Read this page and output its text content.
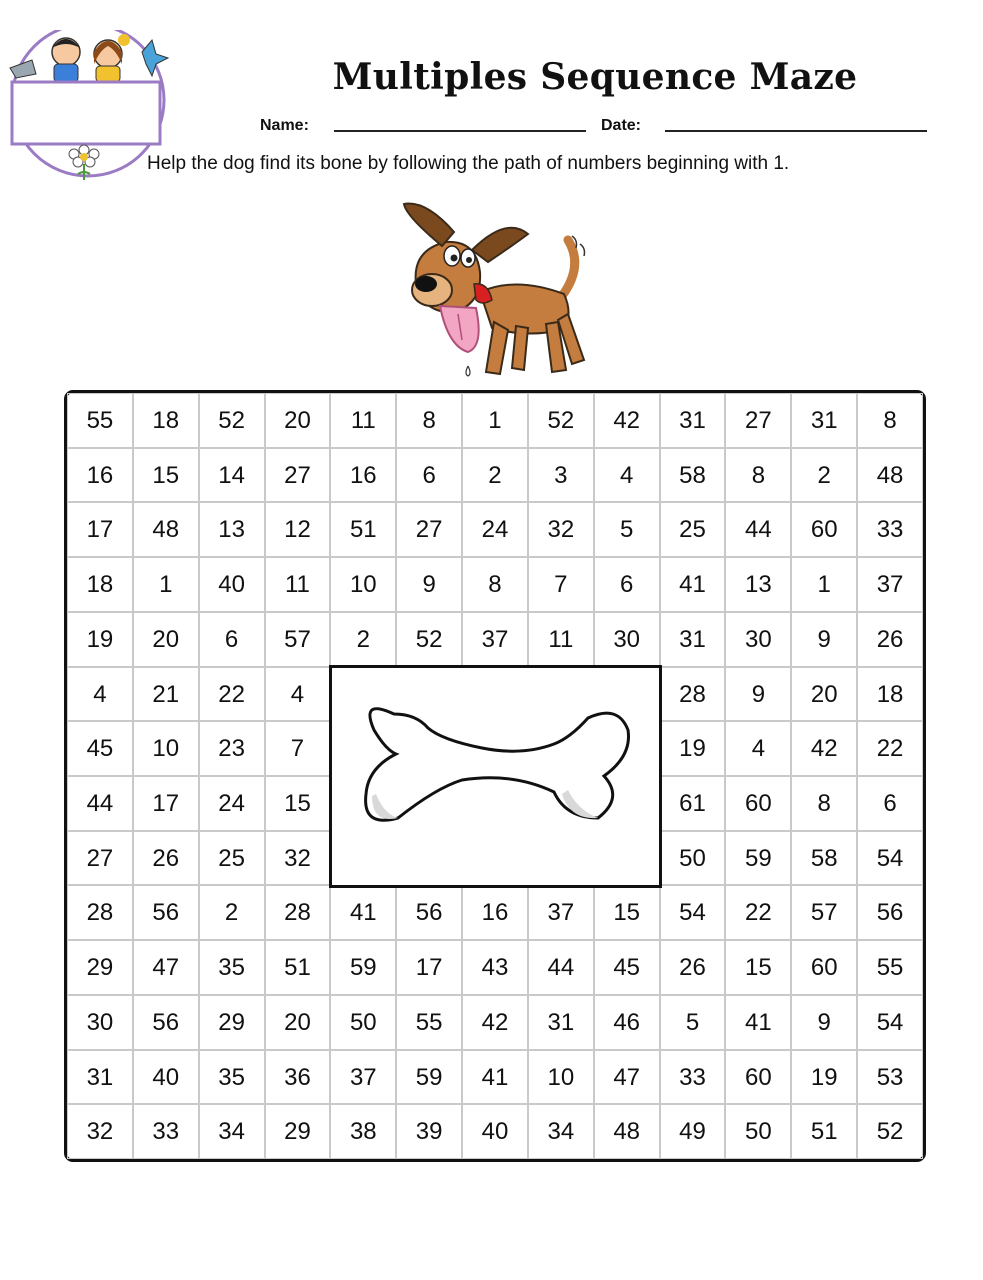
Multiples Sequence Maze
Name:	Date:
Help the dog find its bone by following the path of numbers beginning with 1.
55	18	52	20	11	8	1	52	42	31	27	31	8
16	15	14	27	16	6	2	3	4	58	8	2	48
17	48	13	12	51	27	24	32	5	25	44	60	33
18	1	40	11	10	9	8	7	6	41	13	1	37
19	20	6	57	2	52	37	11	30	31	30	9	26
4	21	22	4	28	9	20	18
45	10	23	7	19	4	42	22
44	17	24	15	61	60	8	6
27	26	25	32	50	59	58	54
28	56	2	28	41	56	16	37	15	54	22	57	56
29	47	35	51	59	17	43	44	45	26	15	60	55
30	56	29	20	50	55	42	31	46	5	41	9	54
31	40	35	36	37	59	41	10	47	33	60	19	53
32	33	34	29	38	39	40	34	48	49	50	51	52
